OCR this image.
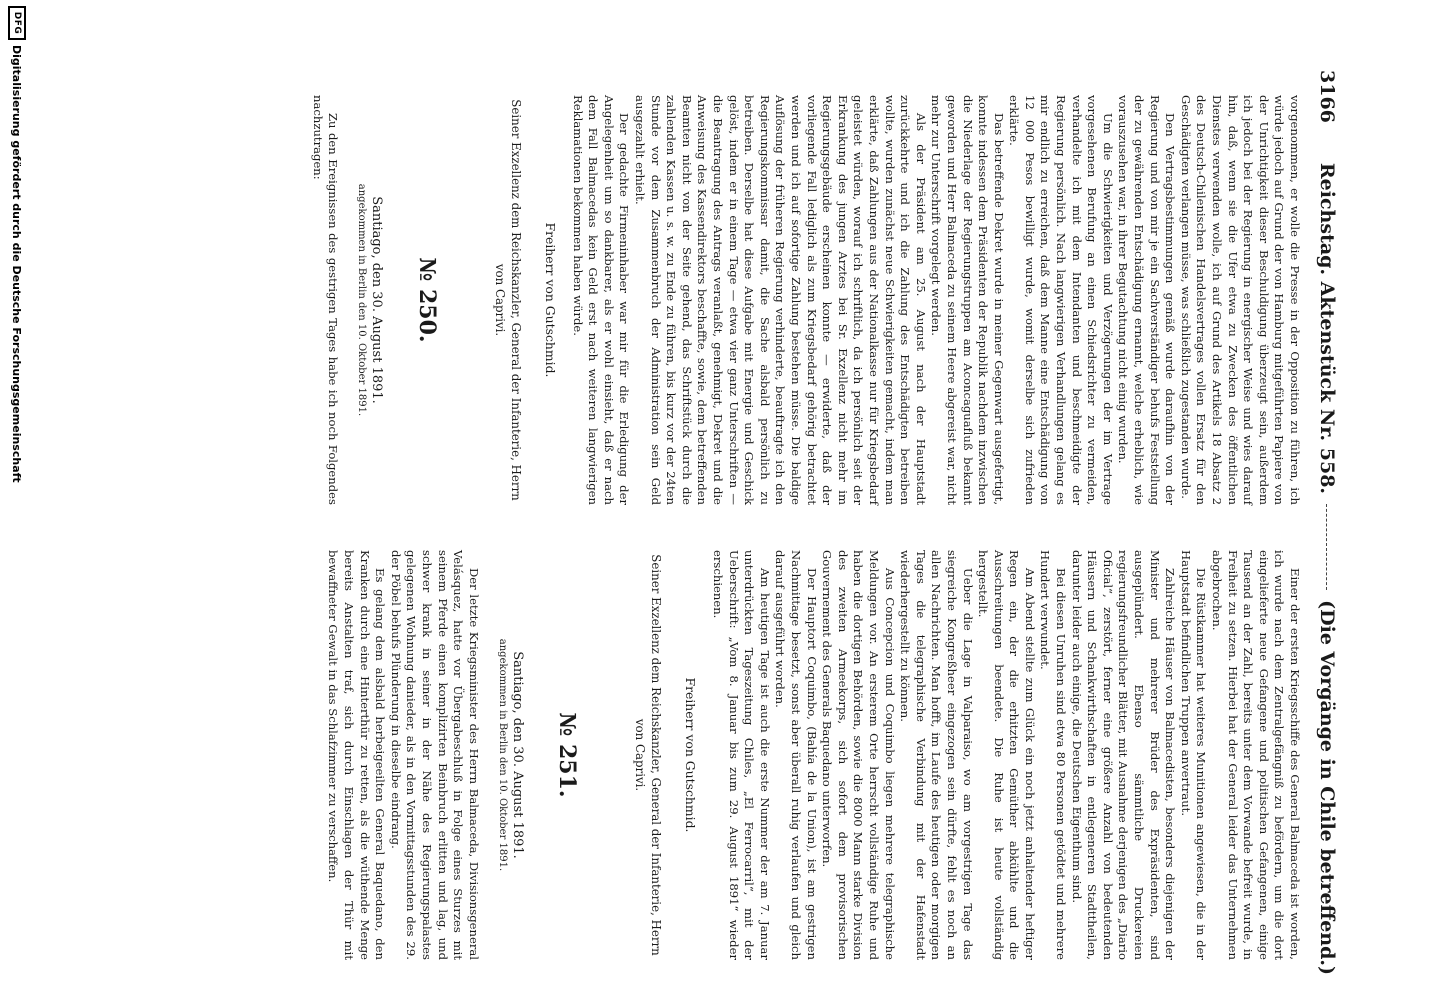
3166
Reichstag. Aktenstück Nr. 558.
(Die Vorgänge in Chile betreffend.)

vorgenommen, er wolle die Presse in der Opposition zu führen, ich würde jedoch auf Grund der von Hamburg mitgeführten Papiere von der Unrichtigkeit dieser Beschuldigung überzeugt sein, außerdem ich jedoch bei der Regierung in energischer Weise und wies darauf hin, daß, wenn sie die Ufer etwa zu Zwecken des öffentlichen Dienstes verwenden wolle, ich auf Grund des Artikels 18 Absatz 2 des Deutsch-Chilenischen Handelsvertrages vollen Ersatz für den Geschädigten verlangen müsse, was schließlich zugestanden wurde.

Den Vertragsbestimmungen gemäß wurde daraufhin von der Regierung und von mir je ein Sachverständiger behufs Feststellung der zu gewährenden Entschädigung ernannt, welche erheblich, wie vorauszusehen war, in ihrer Begutachtung nicht einig wurden.

Um die Schwierigkeiten und Verzögerungen der im Vertrage vorgesehenen Berufung an einen Schiedsrichter zu vermeiden, verhandelte ich mit dem Intendanten und beschmeidigte der Regierung persönlich. Nach langwierigen Verhandlungen gelang es mir endlich zu erreichen, daß dem Manne eine Entschädigung von 12 000 Pesos bewilligt wurde, womit derselbe sich zufrieden erklärte.

Das betreffende Dekret wurde in meiner Gegenwart ausgefertigt, konnte indessen dem Präsidenten der Republik nachdem inzwischen die Niederlage der Regierungstruppen am Aconcaguafluß bekannt geworden und Herr Balmaceda zu seinem Heere abgereist war, nicht mehr zur Unterschrift vorgelegt werden.

Als der Präsident am 25. August nach der Hauptstadt zurückkehrte und ich die Zahlung des Entschädigten betreiben wollte, wurden zunächst neue Schwierigkeiten gemacht, indem man erklärte, daß Zahlungen aus der Nationalkasse nur für Kriegsbedarf geleistet würden, worauf ich schriftlich, da ich persönlich seit der Erkrankung des jungen Arztes bei Sr. Exzellenz nicht mehr im Regierungsgebäude erscheinen konnte — erwiderte, daß der vorliegende Fall lediglich als zum Kriegsbedarf gehörig betrachtet werden und ich auf sofortige Zahlung bestehen müsse. Die baldige Auflösung der früheren Regierung verhinderte, beauftragte ich den Regierungskommissar damit, die Sache alsbald persönlich zu betreiben. Derselbe hat diese Aufgabe mit Energie und Geschick gelöst, indem er in einem Tage — etwa vier ganz Unterschriften — die Beantragung des Antrags veranlaßt, genehmigt, Dekret und die Anweisung des Kassendirektors beschaffte, sowie, dem betreffenden Beamten nicht von der Seite gehend, das Schriftstück durch die zahlenden Kassen u. s. w. zu Ende zu führen, bis kurz vor der 24ten Stunde vor dem Zusammenbruch der Administration sein Geld ausgezahlt erhielt.

Der gedachte Firmeninhaber war mir für die Erledigung der Angelegenheit um so dankbarer, als er wohl einsieht, daß er nach dem Fall Balmacedas kein Geld erst nach weiteren langwierigen Reklamationen bekommen haben würde.

Freiherr von Gutschmid.

Seiner Exzellenz dem Reichskanzler, General der Infanterie, Herrn von Caprivi.

№ 250.

Santiago, den 30. August 1891.

angekommen in Berlin den 10. Oktober 1891.

Zu den Ereignissen des gestrigen Tages habe ich noch Folgendes nachzutragen:

Einer der ersten Kriegsschiffe des General Balmaceda ist worden, ich wurde nach dem Zentralgefängniß zu befördern, um die dort eingelieferte neue Gefangene und politischen Gefangenen, einige Tausend an der Zahl, bereits unter dem Vorwande befreit wurde, in Freiheit zu setzen. Hierbei hat der General leider das Unternehmen abgebrochen.

Die Rüstkammer hat weiteres Munitionen angewiesen, die in der Hauptstadt befindlichen Truppen anvertraut.

Zahlreiche Häuser von Balmacedisten, besonders diejenigen der Minister und mehrerer Brüder des Expräsidenten, sind ausgeplündert. Ebenso sämmtliche Druckereien regierungsfreundlicher Blätter, mit Ausnahme derjenigen des „Diario Oficial“, zerstört, ferner eine größere Anzahl von bedeutenden Häusern und Schankwirthschaften in entlegeneren Stadttheilen, darunter leider auch einige, die Deutschen Eigenthum sind.

Bei diesen Unruhen sind etwa 80 Personen getödtet und mehrere Hundert verwundet.

Am Abend stellte zum Glück ein noch jetzt anhaltender heftiger Regen ein, der die erhitzten Gemüther abkühlte und die Ausschreitungen beendete. Die Ruhe ist heute vollständig hergestellt.

Ueber die Lage in Valparaiso, wo am vorgestrigen Tage das siegreiche Kongreßheer eingezogen sein dürfte, fehlt es noch an allen Nachrichten. Man hofft, im Laufe des heutigen oder morgigen Tages die telegraphische Verbindung mit der Hafenstadt wiederhergestellt zu können.

Aus Concepcion und Coquimbo liegen mehrere telegraphische Meldungen vor. An ersterem Orte herrscht vollständige Ruhe und haben die dortigen Behörden, sowie die 8000 Mann starke Division des zweiten Armeekorps, sich sofort dem provisorischen Gouvernement des Generals Baquedano unterworfen.

Der Hauptort Coquimbo, (Bahía de la Union), ist am gestrigen Nachmittage besetzt, sonst aber überall ruhig verlaufen und gleich darauf ausgeführt worden.

Am heutigen Tage ist auch die erste Nummer der am 7. Januar unterdrückten Tageszeitung Chiles, „El Ferrocarril“, mit der Ueberschrift: „Vom 8. Januar bis zum 29. August 1891“ wieder erschienen.

Freiherr von Gutschmid.

Seiner Exzellenz dem Reichskanzler, General der Infanterie, Herrn von Caprivi.

№ 251.

Santiago, den 30. August 1891.

angekommen in Berlin den 10. Oktober 1891.

Der letzte Kriegsminister des Herrn Balmaceda, Divisionsgeneral Velásquez, hatte vor Übergabeschluß in Folge eines Sturzes mit seinem Pferde einen komplizirten Beinbruch erlitten und lag, und schwer krank in seiner in der Nähe des Regierungspalastes gelegenen Wohnung danieder, als in den Vormittagsstunden des 29. der Pöbel behufs Plünderung in dieselbe eindrang.

Es gelang dem alsbald herbeigeeilten General Baquedano, den Kranken durch eine Hinterthür zu retten, als die wüthende Menge bereits Anstalten traf, sich durch Einschlagen der Thür mit bewaffneter Gewalt in das Schlafzimmer zu verschaffen.

DFG
Digitalisierung gefördert durch die Deutsche Forschungsgemeinschaft
